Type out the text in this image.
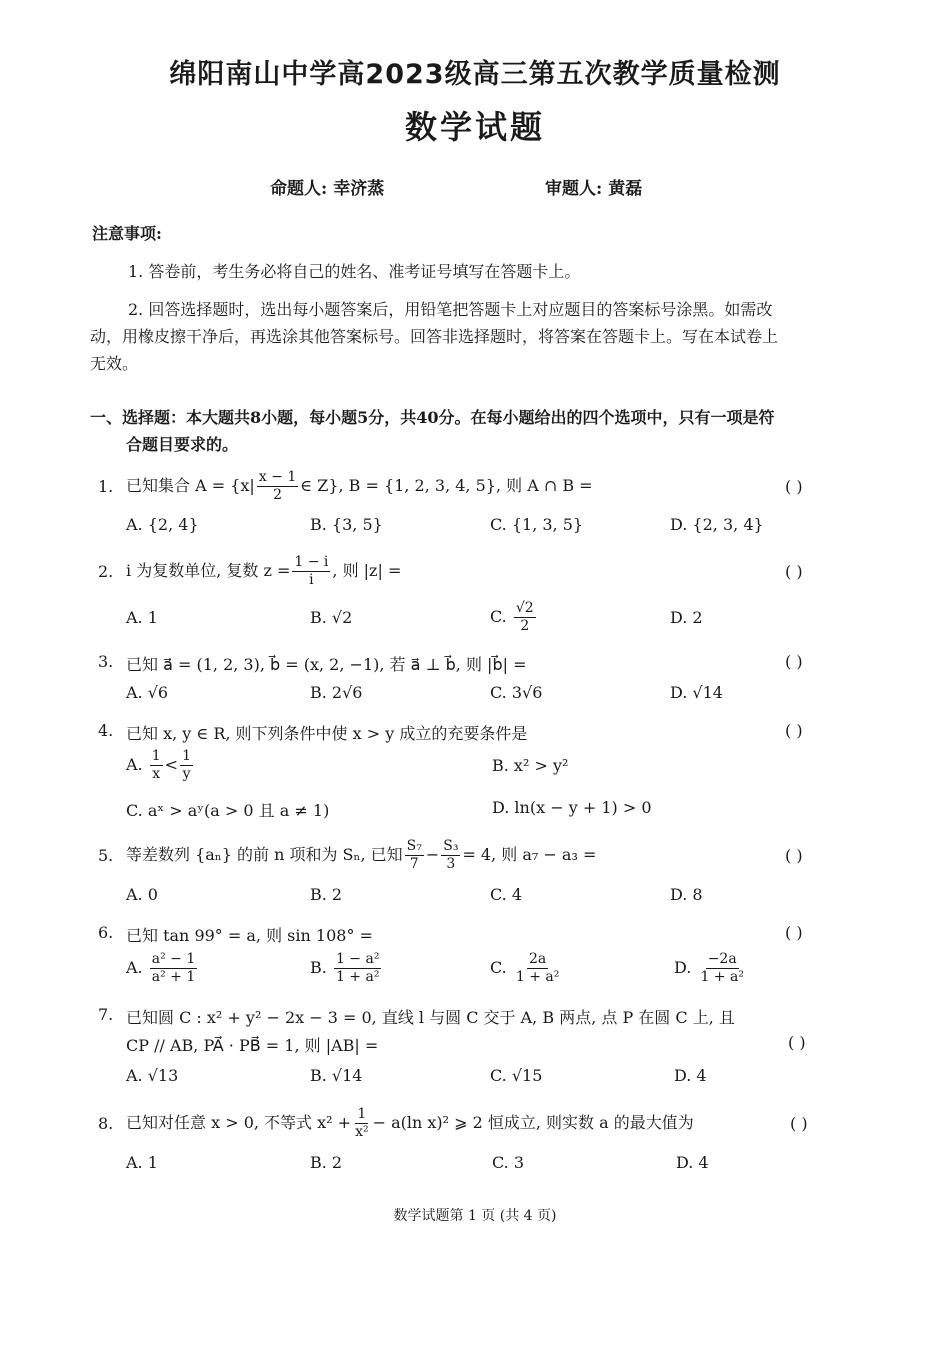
绵阳南山中学高2023级高三第五次教学质量检测
数学试题
命题人: 幸济蒸	审题人: 黄磊
注意事项:
1. 答卷前，考生务必将自己的姓名、准考证号填写在答题卡上。
2. 回答选择题时，选出每小题答案后，用铅笔把答题卡上对应题目的答案标号涂黑。如需改
动，用橡皮擦干净后，再选涂其他答案标号。回答非选择题时，将答案在答题卡上。写在本试卷上
无效。
一、选择题：本大题共8小题，每小题5分，共40分。在每小题给出的四个选项中，只有一项是符
合题目要求的。
1. 已知集合 $A = \{x| \frac{x - 1}{2}$ ∈ Z}, B = {1, 2, 3, 4, 5}, 则 A ∩ B =	( )
A. {2, 4}	B. {3, 5}	C. {1, 3, 5}	D. {2, 3, 4}
2. i 为复数单位, 复数 $z = \frac{1 - i}{i}$ , 则 |z| =	( )
A. 1	B. √2	C. $\frac{√2}{2}$	D. 2
3. 已知 a⃗ = (1, 2, 3), b⃗ = (x, 2, −1), 若 a⃗ ⊥ b⃗, 则 |b⃗| =	( )
A. √6	B. 2√6	C. 3√6	D. √14
4. 已知 x, y ∈ R, 则下列条件中使 x > y 成立的充要条件是	( )
A. $\frac{1}{x} < \frac{1}{y}$	B. x² > y²
C. aˣ > aʸ(a > 0 且 a ≠ 1)	D. ln(x − y + 1) > 0
5. 等差数列 {aₙ} 的前 n 项和为 Sₙ, 已知 $\frac{\text{S₇}}{7} - \frac{\text{S₃}}{3} = 4$, 则 a₇ − a₃ =	( )
A. 0	B. 2	C. 4	D. 8
6. 已知 tan 99° = a, 则 sin 108° =	( )
A. $\frac{\text{a² − 1}}{\text{a² + 1}}$	B. $\frac{\text{1 − a²}}{\text{1 + a²}}$	C. $\frac{2a}{\text{1 + a²}}$	D. $\frac{-2a}{\text{1 + a²}}$
7. 已知圆 C : x² + y² − 2x − 3 = 0, 直线 l 与圆 C 交于 A, B 两点, 点 P 在圆 C 上, 且
CP // AB, PA⃗ · PB⃗ = 1, 则 |AB| =	( )
A. √13	B. √14	C. √15	D. 4
8. 已知对任意 x > 0, 不等式 $x^2 + \frac{1}{\text{x²}} - a(\ln$ x)² ⩾ 2 恒成立, 则实数 a 的最大值为	( )
A. 1	B. 2	C. 3	D. 4
数学试题第 1 页 (共 4 页)
